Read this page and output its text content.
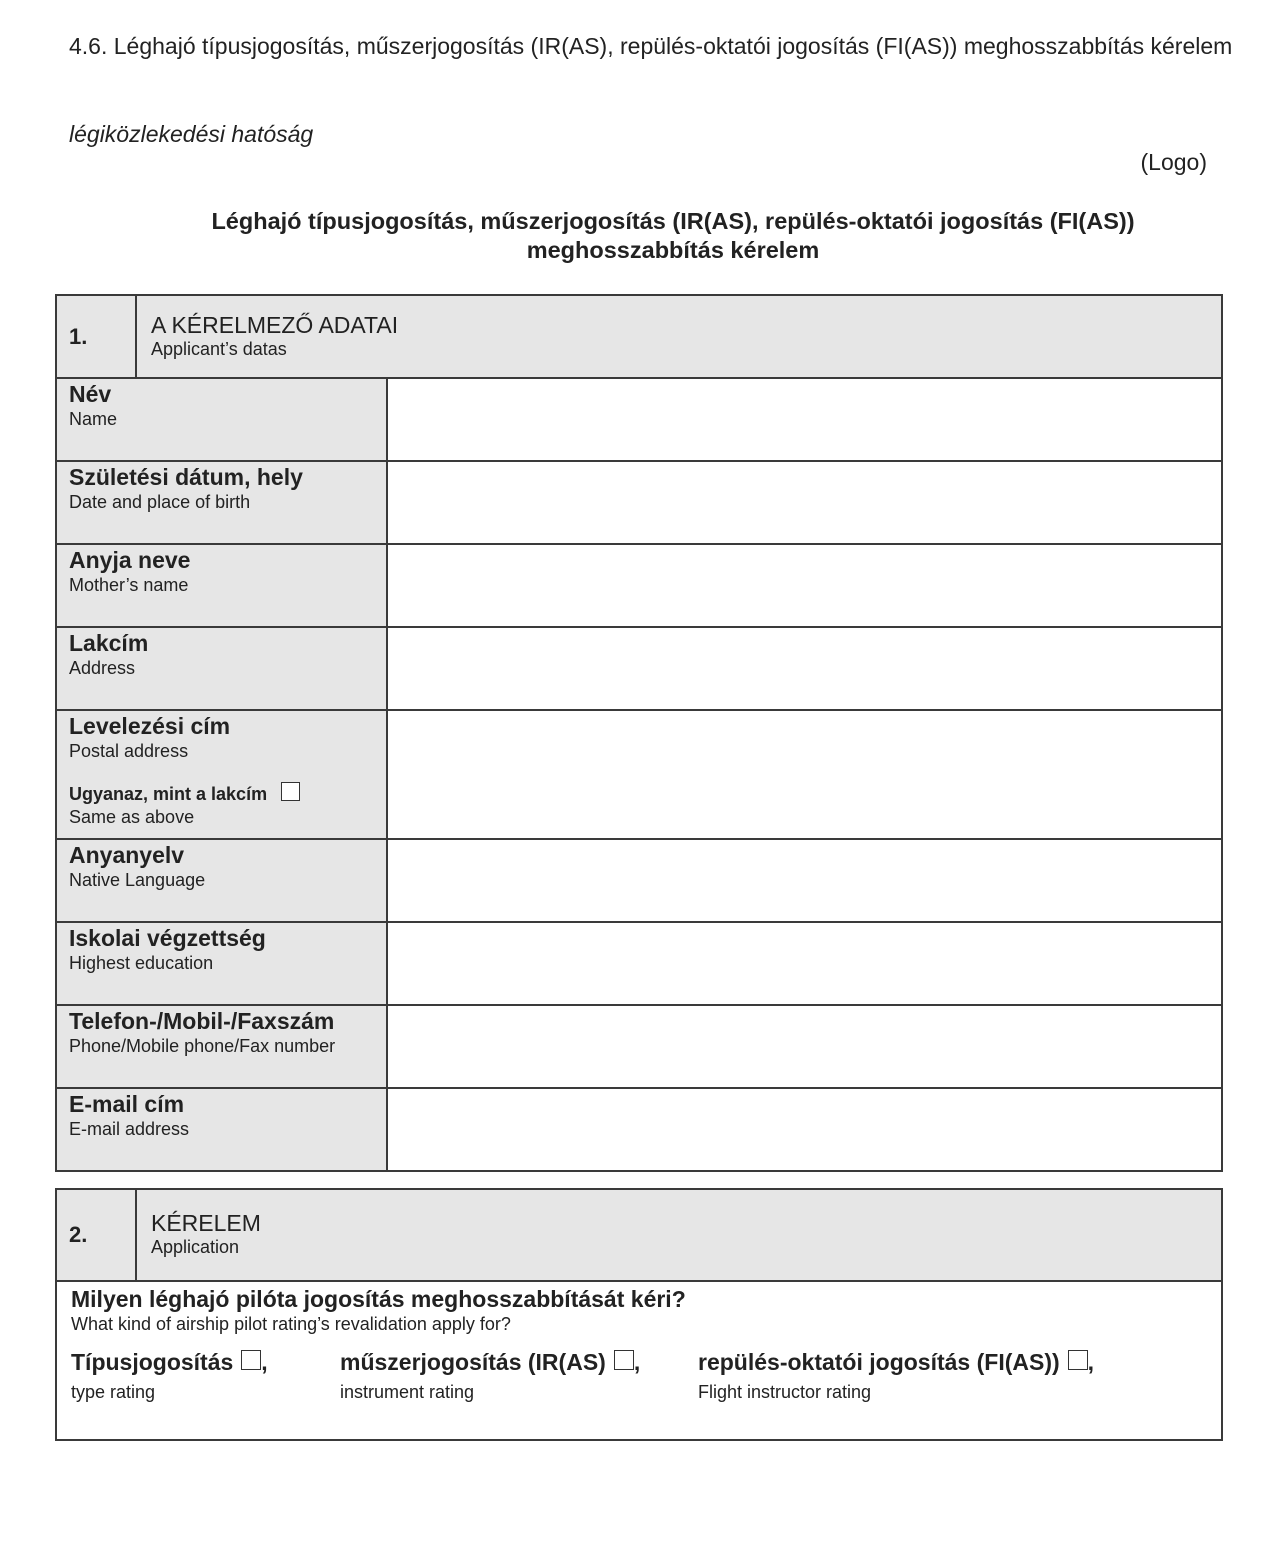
4.6. Léghajó típusjogosítás, műszerjogosítás (IR(AS), repülés-oktatói jogosítás (FI(AS)) meghosszabbítás kérelem
légiközlekedési hatóság
(Logo)
Léghajó típusjogosítás, műszerjogosítás (IR(AS), repülés-oktatói jogosítás (FI(AS))
meghosszabbítás kérelem
1.	A KÉRELMEZŐ ADATAI
Applicant’s datas
Név
Name
Születési dátum, hely
Date and place of birth
Anyja neve
Mother’s name
Lakcím
Address
Levelezési cím
Postal address
Ugyanaz, mint a lakcím
Same as above
Anyanyelv
Native Language
Iskolai végzettség
Highest education
Telefon-/Mobil-/Faxszám
Phone/Mobile phone/Fax number
E-mail cím
E-mail address
2.	KÉRELEM
Application
Milyen léghajó pilóta jogosítás meghosszabbítását kéri?
What kind of airship pilot rating’s revalidation apply for?
Típusjogosítás ,
type rating
műszerjogosítás (IR(AS) ,
instrument rating
repülés-oktatói jogosítás (FI(AS)) ,
Flight instructor rating
